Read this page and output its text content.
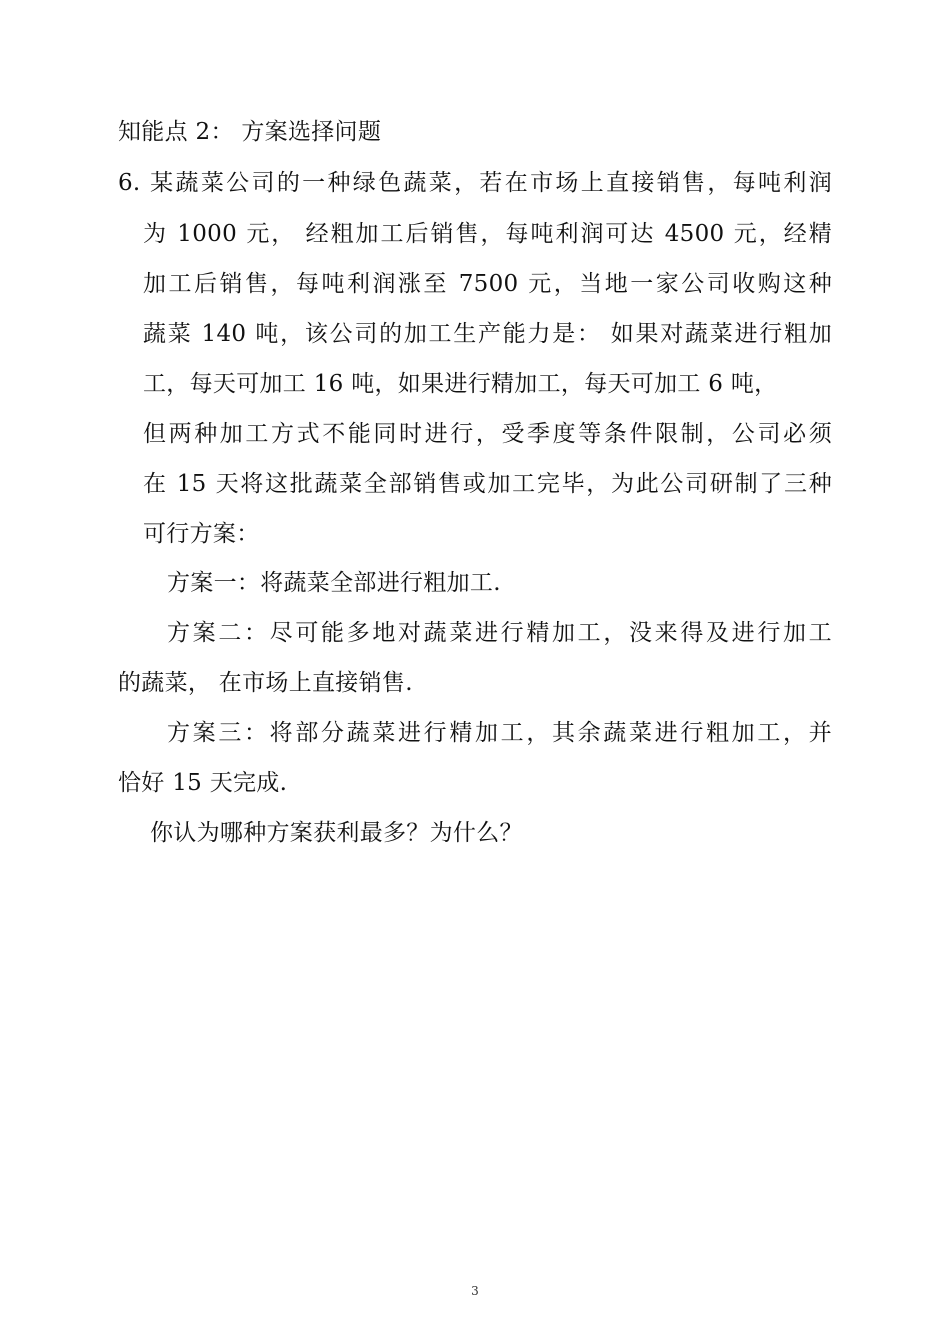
知能点 2： 方案选择问题
6. 某蔬菜公司的一种绿色蔬菜，若在市场上直接销售，每吨利润
为 1000 元， 经粗加工后销售，每吨利润可达 4500 元，经精
加工后销售，每吨利润涨至 7500 元，当地一家公司收购这种
蔬菜 140 吨，该公司的加工生产能力是： 如果对蔬菜进行粗加
工，每天可加工 16 吨，如果进行精加工，每天可加工 6 吨，
但两种加工方式不能同时进行，受季度等条件限制，公司必须
在 15 天将这批蔬菜全部销售或加工完毕，为此公司研制了三种
可行方案：
方案一：将蔬菜全部进行粗加工.
方案二：尽可能多地对蔬菜进行精加工，没来得及进行加工
的蔬菜， 在市场上直接销售.
方案三：将部分蔬菜进行精加工，其余蔬菜进行粗加工，并
恰好 15 天完成.
你认为哪种方案获利最多？为什么？
3
